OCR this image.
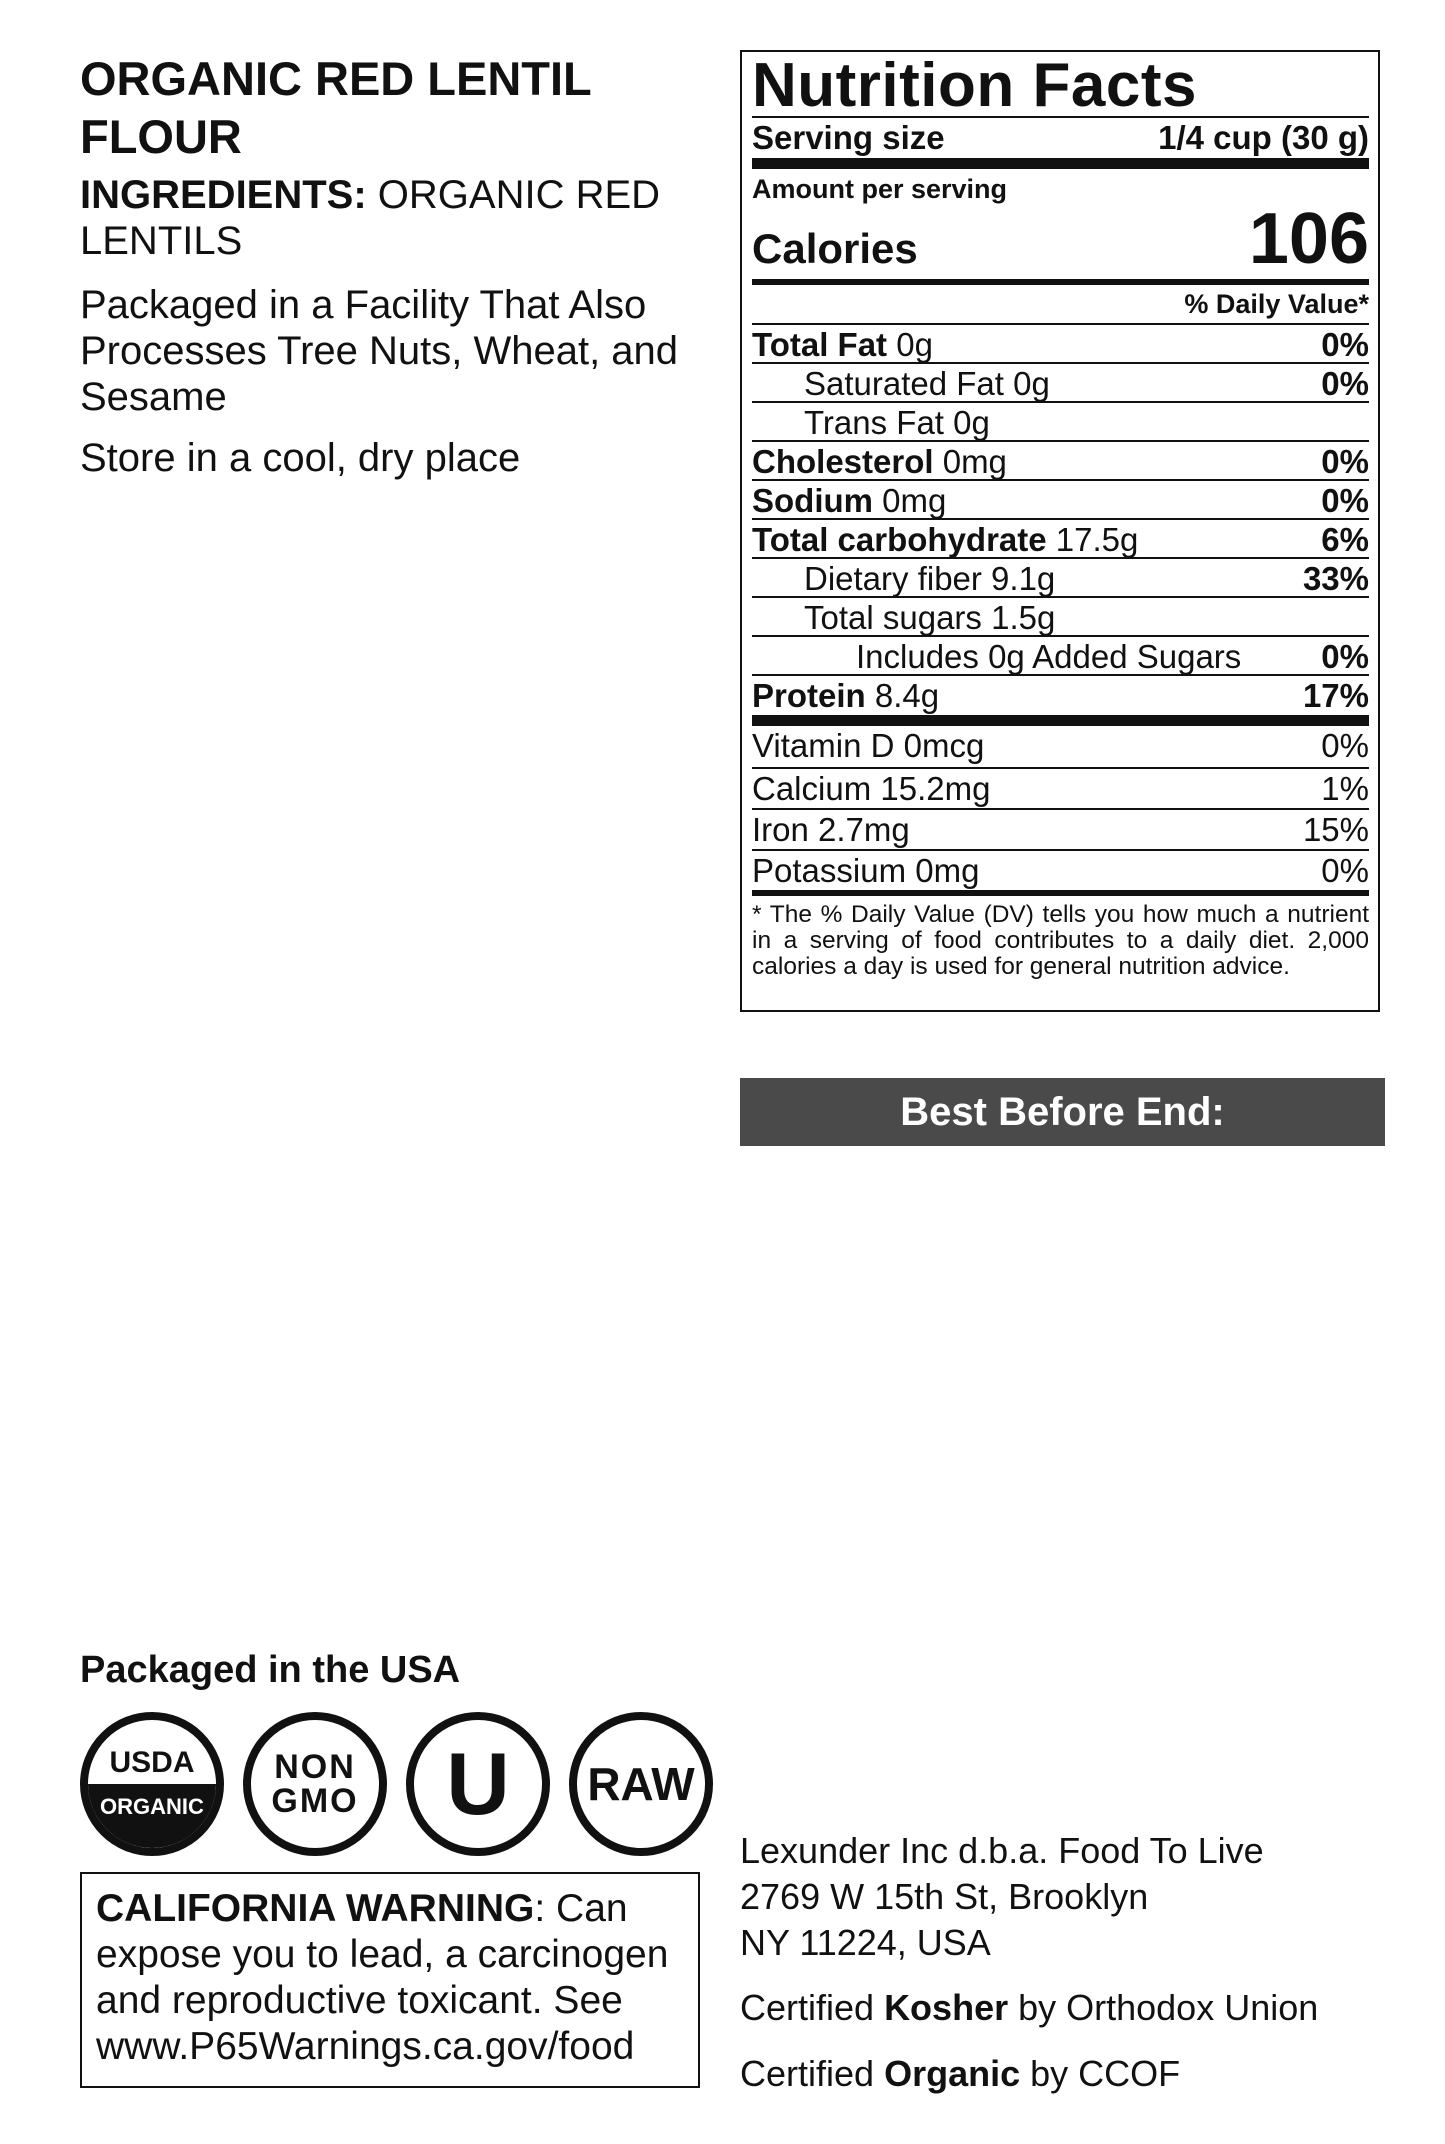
ORGANIC RED LENTIL FLOUR
INGREDIENTS: ORGANIC RED LENTILS
Packaged in a Facility That Also Processes Tree Nuts, Wheat, and Sesame
Store in a cool, dry place
Nutrition Facts
Serving size	1/4 cup (30 g)
Amount per serving
Calories	106
% Daily Value*
Total Fat 0g	0%
Saturated Fat 0g	0%
Trans Fat 0g
Cholesterol 0mg	0%
Sodium 0mg	0%
Total carbohydrate 17.5g	6%
Dietary fiber 9.1g	33%
Total sugars 1.5g
Includes 0g Added Sugars 0%
Protein 8.4g	17%
Vitamin D 0mcg	0%
Calcium 15.2mg	1%
Iron 2.7mg	15%
Potassium 0mg	0%
* The % Daily Value (DV) tells you how much a nutrient in a serving of food contributes to a daily diet. 2,000 calories a day is used for general nutrition advice.
Best Before End:
Packaged in the USA
USDA
ORGANIC
NON
GMO U	RAW
CALIFORNIA WARNING: Can expose you to lead, a carcinogen and reproductive toxicant. See www.P65Warnings.ca.gov/food
Lexunder Inc d.b.a. Food To Live
2769 W 15th St, Brooklyn
NY 11224, USA
Certified Kosher by Orthodox Union
Certified Organic by CCOF
